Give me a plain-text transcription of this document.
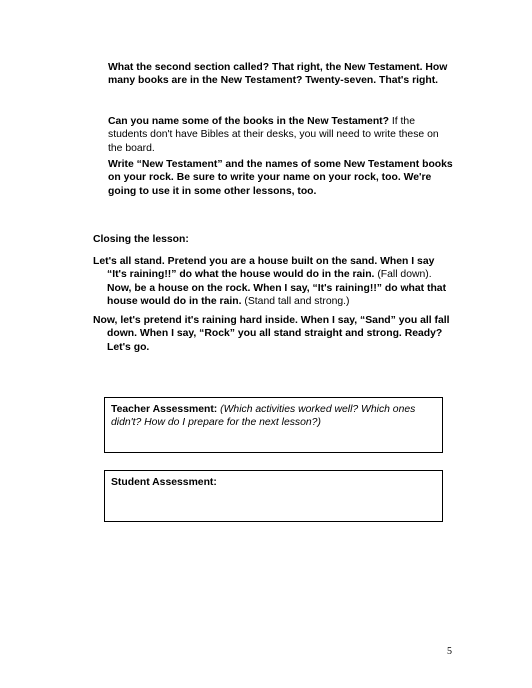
What the second section called? That right, the New Testament. How many books are in the New Testament? Twenty-seven. That's right.

Can you name some of the books in the New Testament? If the students don't have Bibles at their desks, you will need to write these on the board.

Write “New Testament” and the names of some New Testament books on your rock. Be sure to write your name on your rock, too. We're going to use it in some other lessons, too.

Closing the lesson:

Let's all stand. Pretend you are a house built on the sand. When I say “It's raining!!” do what the house would do in the rain. (Fall down). Now, be a house on the rock. When I say, “It's raining!!” do what that house would do in the rain. (Stand tall and strong.)

Now, let's pretend it's raining hard inside. When I say, “Sand” you all fall down. When I say, “Rock” you all stand straight and strong. Ready? Let's go.

Teacher Assessment: (Which activities worked well? Which ones didn't? How do I prepare for the next lesson?)
Student Assessment:
5
